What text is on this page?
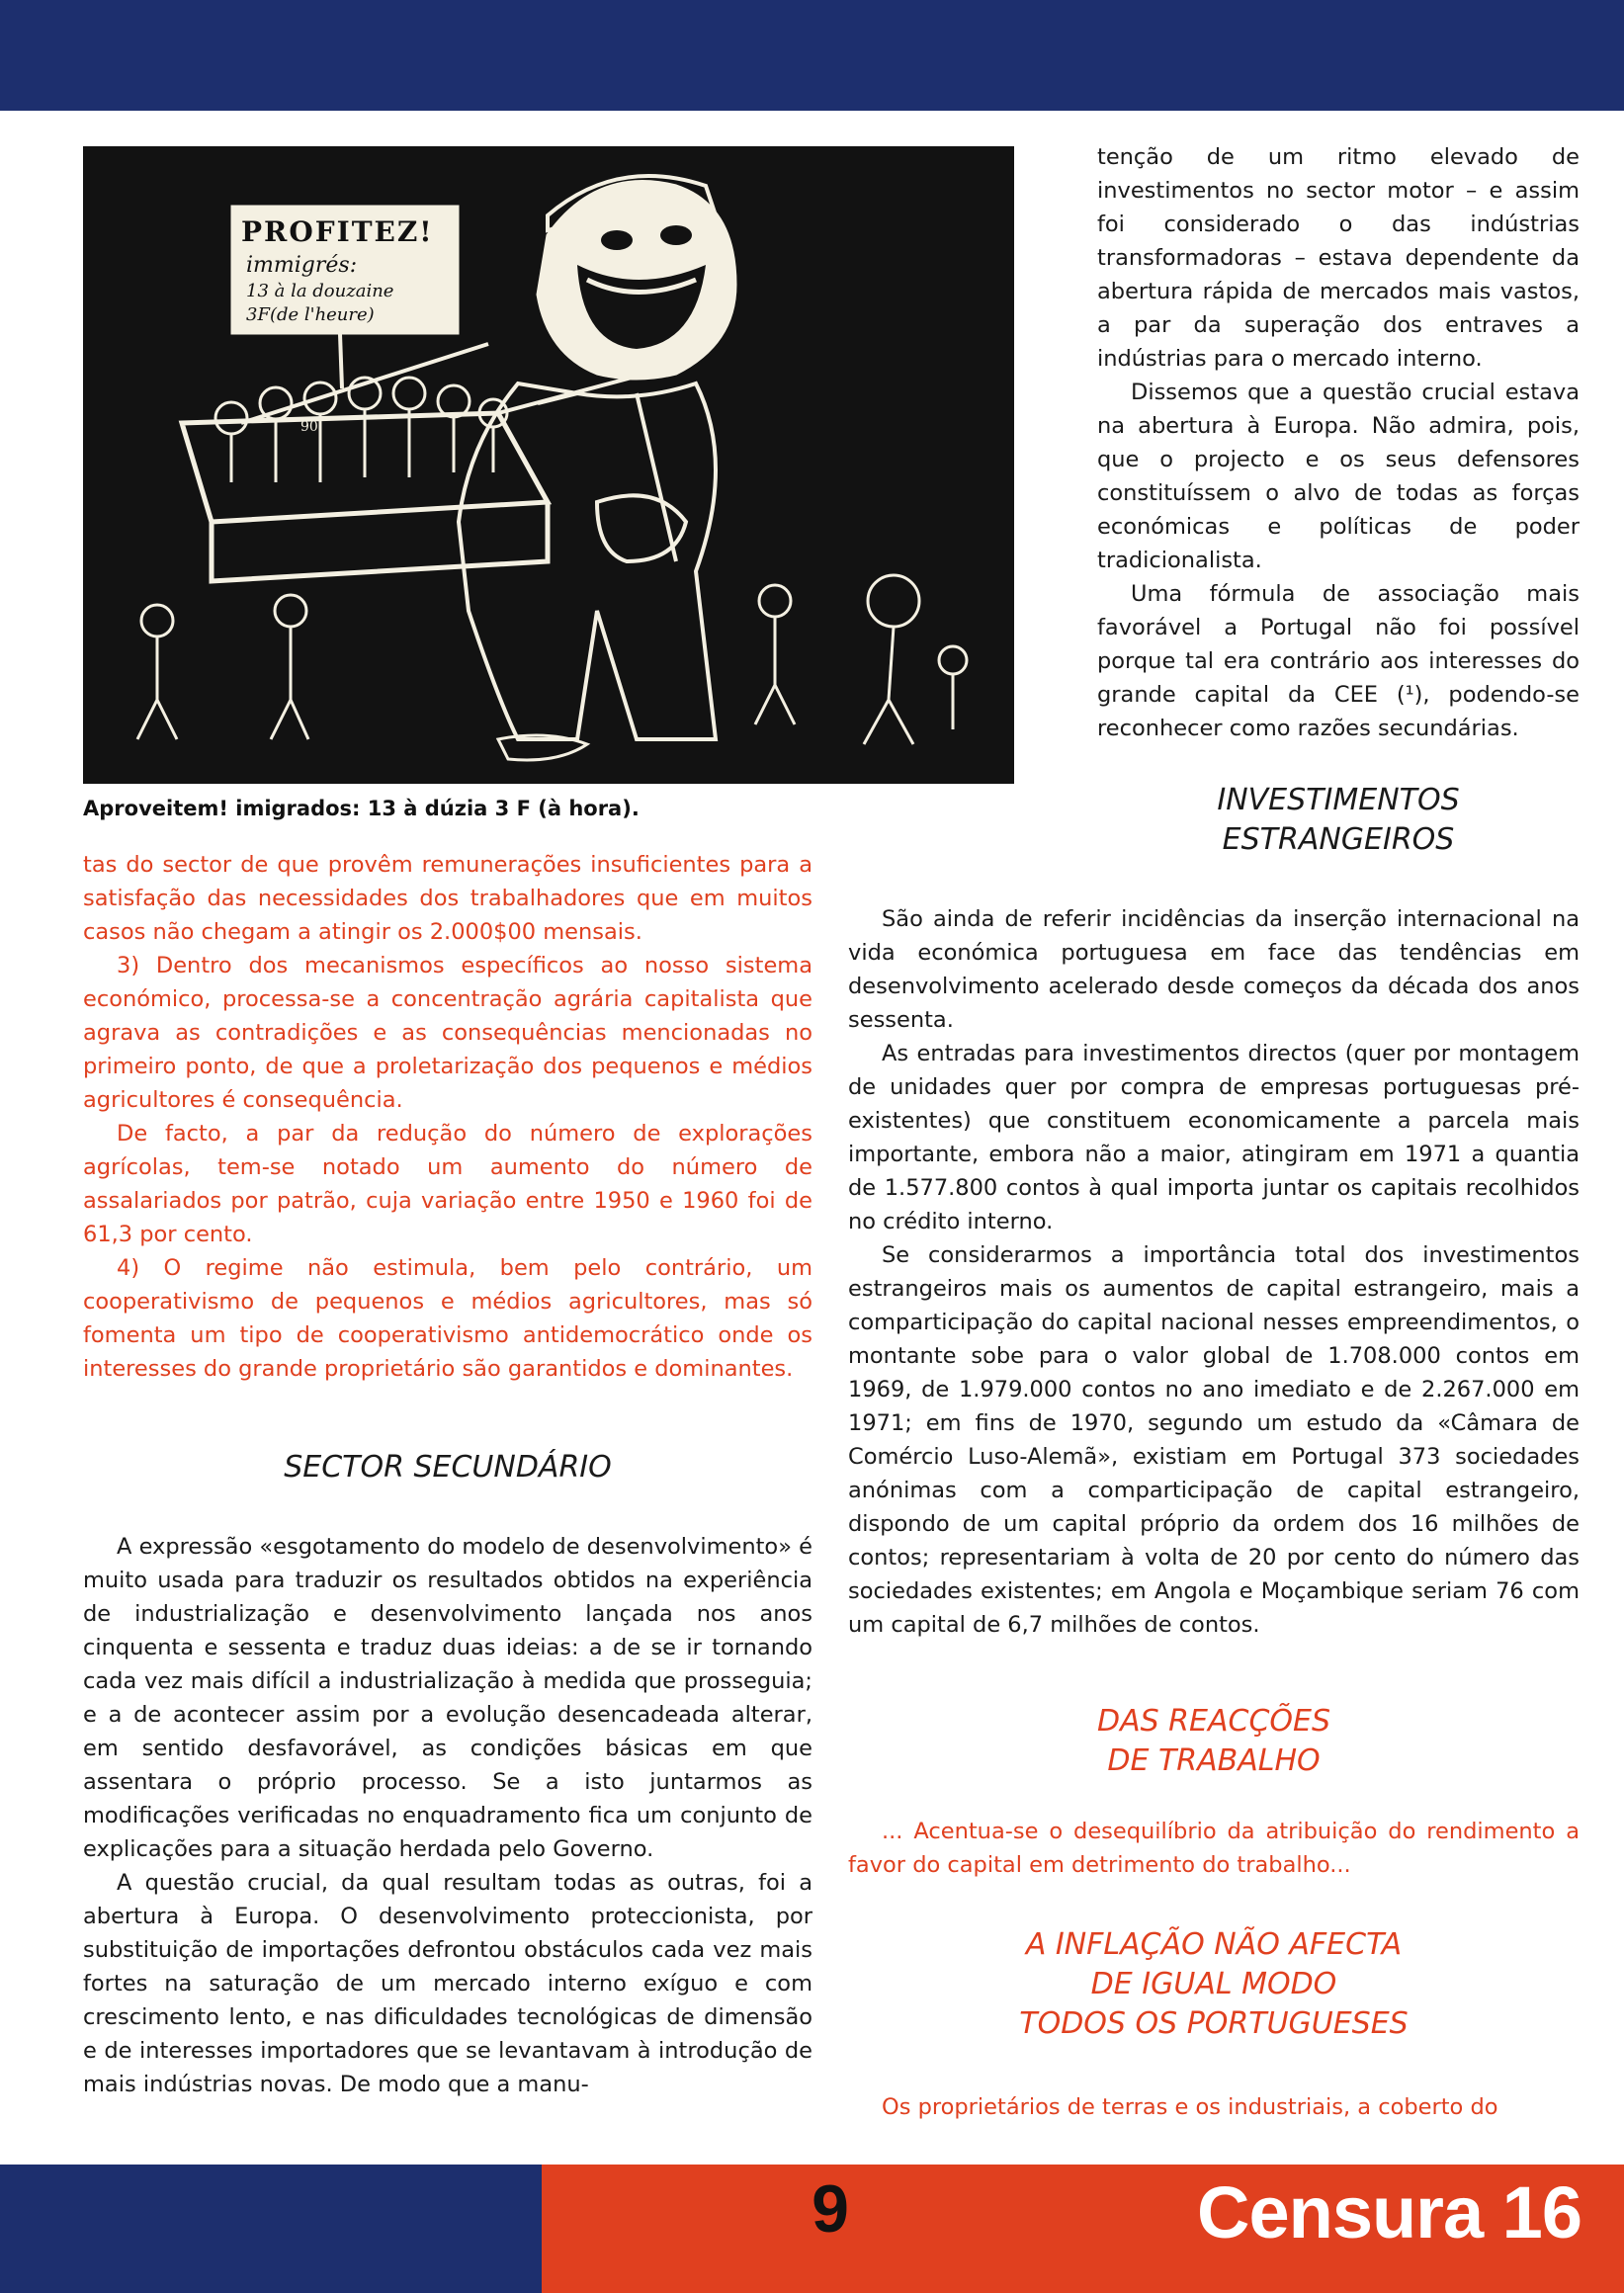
PROFITEZ!
immigrés:
13 à la douzaine
3F(de l'heure)
90
Aproveitem! imigrados: 13 à dúzia 3 F (à hora).

tas do sector de que provêm remunerações insuficientes para a satisfação das necessidades dos trabalhadores que em muitos casos não chegam a atingir os 2.000$00 mensais.

3) Dentro dos mecanismos específicos ao nosso sistema económico, processa-se a concentração agrária capitalista que agrava as contradições e as consequências mencionadas no primeiro ponto, de que a proletarização dos pequenos e médios agricultores é consequência.

De facto, a par da redução do número de explorações agrícolas, tem-se notado um aumento do número de assalariados por patrão, cuja variação entre 1950 e 1960 foi de 61,3 por cento.

4) O regime não estimula, bem pelo contrário, um cooperativismo de pequenos e médios agricultores, mas só fomenta um tipo de cooperativismo antidemocrático onde os interesses do grande proprietário são garantidos e dominantes.

SECTOR SECUNDÁRIO

A expressão «esgotamento do modelo de desenvolvimento» é muito usada para traduzir os resultados obtidos na experiência de industrialização e desenvolvimento lançada nos anos cinquenta e sessenta e traduz duas ideias: a de se ir tornando cada vez mais difícil a industrialização à medida que prosseguia; e a de acontecer assim por a evolução desencadeada alterar, em sentido desfavorável, as condições básicas em que assentara o próprio processo. Se a isto juntarmos as modificações verificadas no enquadramento fica um conjunto de explicações para a situação herdada pelo Governo.

A questão crucial, da qual resultam todas as outras, foi a abertura à Europa. O desenvolvimento proteccionista, por substituição de importações defrontou obstáculos cada vez mais fortes na saturação de um mercado interno exíguo e com crescimento lento, e nas dificuldades tecnológicas de dimensão e de interesses importadores que se levantavam à introdução de mais indústrias novas. De modo que a manu-

tenção de um ritmo elevado de investimentos no sector motor – e assim foi considerado o das indústrias transformadoras – estava dependente da abertura rápida de mercados mais vastos, a par da superação dos entraves a indústrias para o mercado interno.

Dissemos que a questão crucial estava na abertura à Europa. Não admira, pois, que o projecto e os seus defensores constituíssem o alvo de todas as forças económicas e políticas de poder tradicionalista.

Uma fórmula de associação mais favorável a Portugal não foi possível porque tal era contrário aos interesses do grande capital da CEE (¹), podendo-se reconhecer como razões secundárias.

INVESTIMENTOS
ESTRANGEIROS

São ainda de referir incidências da inserção internacional na vida económica portuguesa em face das tendências em desenvolvimento acelerado desde começos da década dos anos sessenta.

As entradas para investimentos directos (quer por montagem de unidades quer por compra de empresas portuguesas pré-existentes) que constituem economicamente a parcela mais importante, embora não a maior, atingiram em 1971 a quantia de 1.577.800 contos à qual importa juntar os capitais recolhidos no crédito interno.

Se considerarmos a importância total dos investimentos estrangeiros mais os aumentos de capital estrangeiro, mais a comparticipação do capital nacional nesses empreendimentos, o montante sobe para o valor global de 1.708.000 contos em 1969, de 1.979.000 contos no ano imediato e de 2.267.000 em 1971; em fins de 1970, segundo um estudo da «Câmara de Comércio Luso-Alemã», existiam em Portugal 373 sociedades anónimas com a comparticipação de capital estrangeiro, dispondo de um capital próprio da ordem dos 16 milhões de contos; representariam à volta de 20 por cento do número das sociedades existentes; em Angola e Moçambique seriam 76 com um capital de 6,7 milhões de contos.

DAS REACÇÕES
DE TRABALHO

... Acentua-se o desequilíbrio da atribuição do rendimento a favor do capital em detrimento do trabalho...

A INFLAÇÃO NÃO AFECTA
DE IGUAL MODO
TODOS OS PORTUGUESES

Os proprietários de terras e os industriais, a coberto do

9	Censura 16
